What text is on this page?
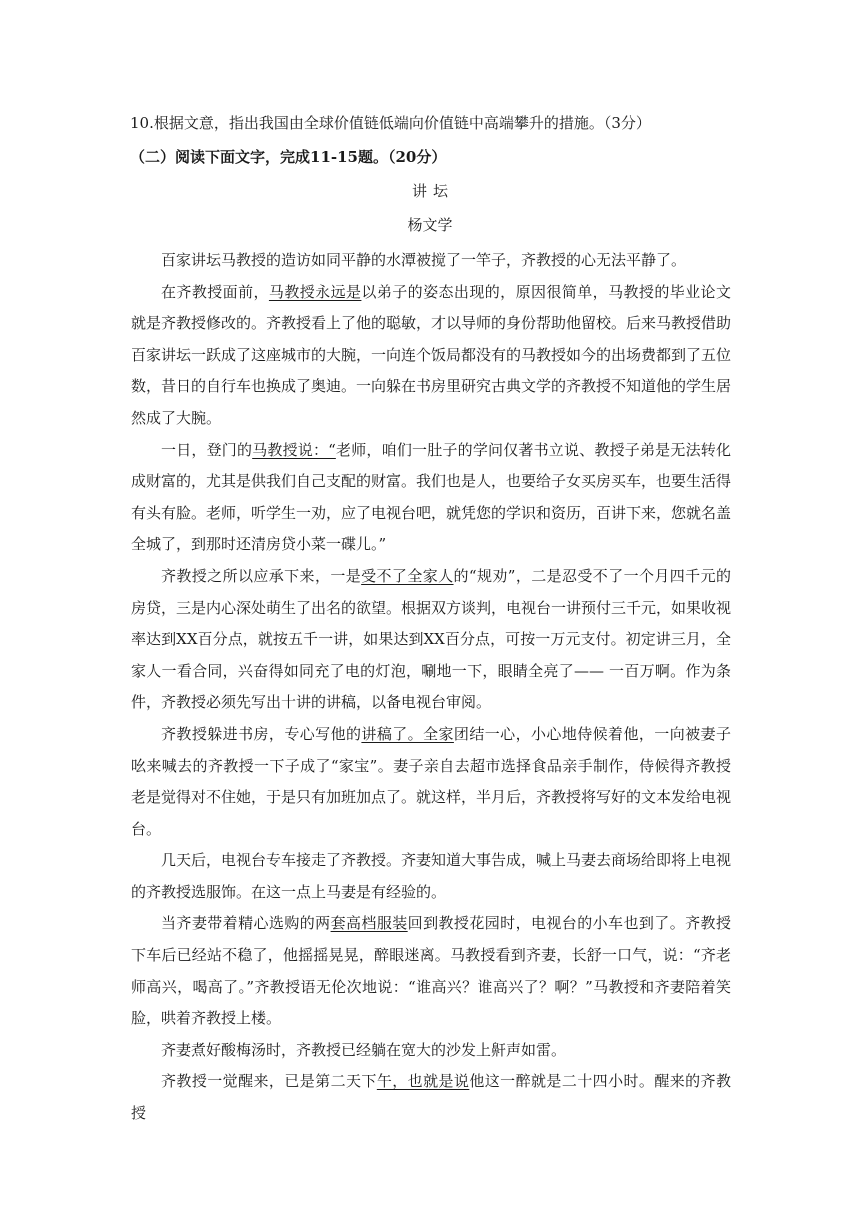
10.根据文意，指出我国由全球价值链低端向价值链中高端攀升的措施。（3分）
（二）阅读下面文字，完成11-15题。（20分）
讲坛
杨文学

百家讲坛马教授的造访如同平静的水潭被搅了一竿子，齐教授的心无法平静了。

在齐教授面前，马教授永远是以弟子的姿态出现的，原因很简单，马教授的毕业论文就是齐教授修改的。齐教授看上了他的聪敏，才以导师的身份帮助他留校。后来马教授借助百家讲坛一跃成了这座城市的大腕，一向连个饭局都没有的马教授如今的出场费都到了五位数，昔日的自行车也换成了奥迪。一向躲在书房里研究古典文学的齐教授不知道他的学生居然成了大腕。

一日，登门的马教授说：“老师，咱们一肚子的学问仅著书立说、教授子弟是无法转化成财富的，尤其是供我们自己支配的财富。我们也是人，也要给子女买房买车，也要生活得有头有脸。老师，听学生一劝，应了电视台吧，就凭您的学识和资历，百讲下来，您就名盖全城了，到那时还清房贷小菜一碟儿。”

齐教授之所以应承下来，一是受不了全家人的“规劝”，二是忍受不了一个月四千元的房贷，三是内心深处萌生了出名的欲望。根据双方谈判，电视台一讲预付三千元，如果收视率达到XX百分点，就按五千一讲，如果达到XX百分点，可按一万元支付。初定讲三月，全家人一看合同，兴奋得如同充了电的灯泡，唰地一下，眼睛全亮了—— 一百万啊。作为条件，齐教授必须先写出十讲的讲稿，以备电视台审阅。

齐教授躲进书房，专心写他的讲稿了。全家团结一心，小心地侍候着他，一向被妻子吆来喊去的齐教授一下子成了“家宝”。妻子亲自去超市选择食品亲手制作，侍候得齐教授老是觉得对不住她，于是只有加班加点了。就这样，半月后，齐教授将写好的文本发给电视台。

几天后，电视台专车接走了齐教授。齐妻知道大事告成，喊上马妻去商场给即将上电视的齐教授选服饰。在这一点上马妻是有经验的。

当齐妻带着精心选购的两套高档服装回到教授花园时，电视台的小车也到了。齐教授下车后已经站不稳了，他摇摇晃晃，醉眼迷离。马教授看到齐妻，长舒一口气，说：“齐老师高兴，喝高了。”齐教授语无伦次地说：“谁高兴？谁高兴了？啊？”马教授和齐妻陪着笑脸，哄着齐教授上楼。

齐妻煮好酸梅汤时，齐教授已经躺在宽大的沙发上鼾声如雷。

齐教授一觉醒来，已是第二天下午，也就是说他这一醉就是二十四小时。醒来的齐教授
